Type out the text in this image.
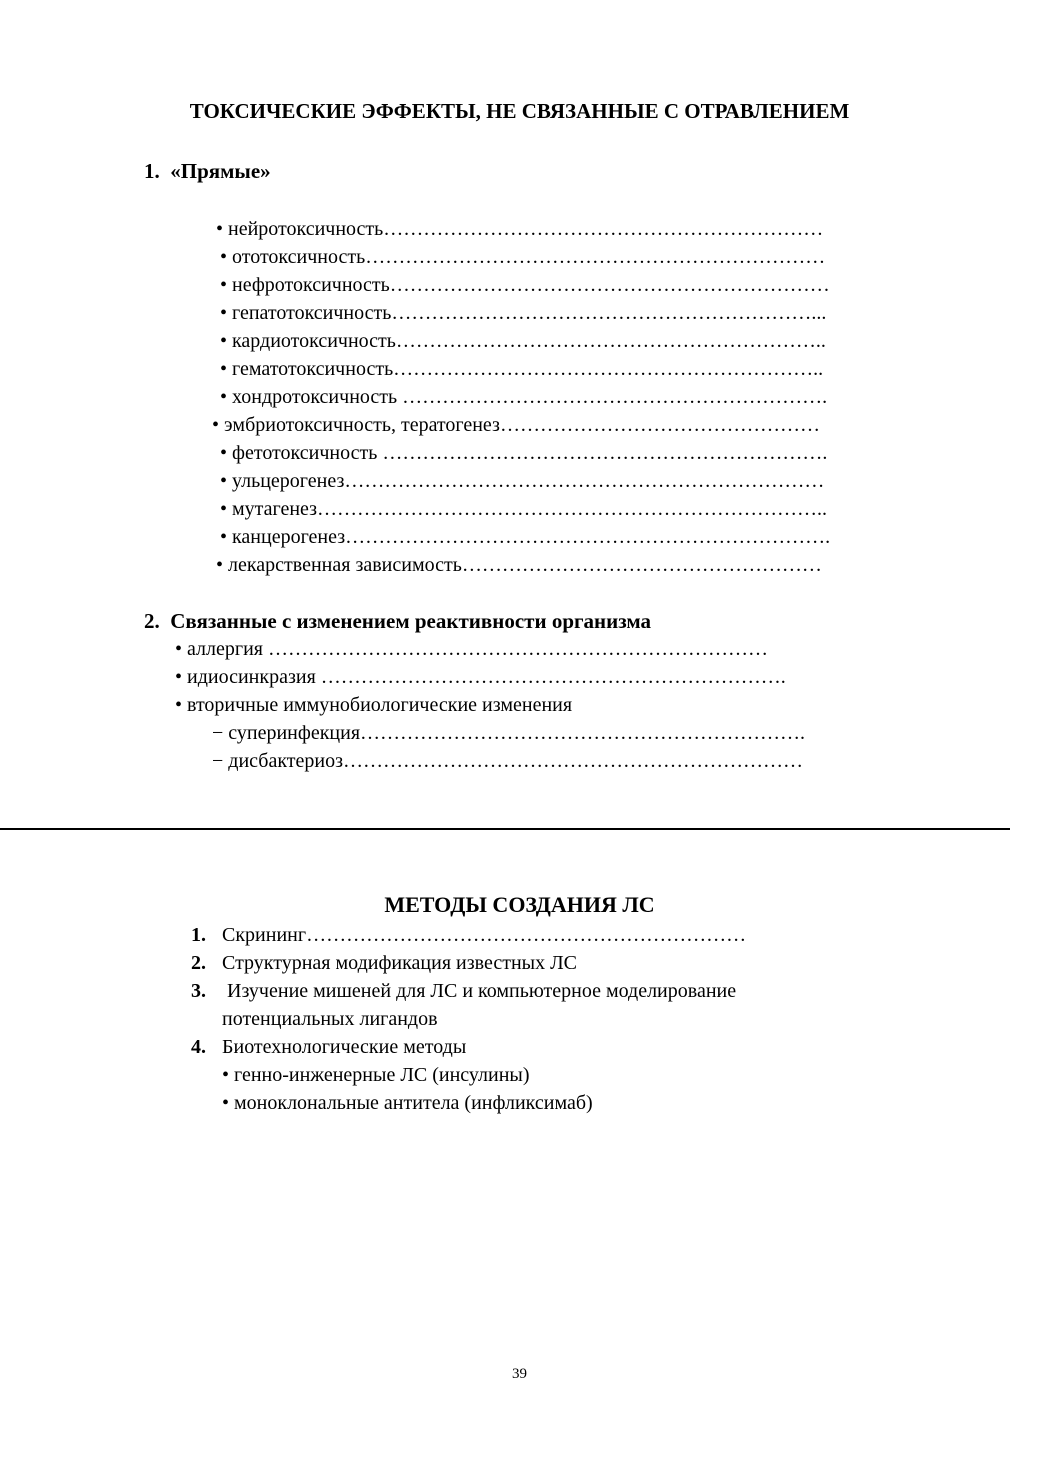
ТОКСИЧЕСКИЕ ЭФФЕКТЫ, НЕ СВЯЗАННЫЕ С ОТРАВЛЕНИЕМ
1. «Прямые»
• нейротоксичность…………………………………………………………
• ототоксичность……………………………………………………………
• нефротоксичность…………………………………………………………
• гепатотоксичность………………………………………………………...
• кардиотоксичность………………………………………………………..
• гематотоксичность………………………………………………………..
• хондротоксичность ……………………………………………………….
• эмбриотоксичность, тератогенез…………………………………………
• фетотоксичность ………………………………………………………….
• ульцерогенез………………………………………………………………
• мутагенез…………………………………………………………………..
• канцерогенез……………………………………………………………….
• лекарственная зависимость………………………………………………
2. Связанные с изменением реактивности организма
• аллергия …………………………………………………………………
• идиосинкразия …………………………………………………………….
• вторичные иммунобиологические изменения
− суперинфекция………………………………………………………….
− дисбактериоз……………………………………………………………
МЕТОДЫ СОЗДАНИЯ ЛС
1. Скрининг…………………………………………………………
2. Структурная модификация известных ЛС
3. Изучение мишеней для ЛС и компьютерное моделирование
потенциальных лигандов
4. Биотехнологические методы
• генно-инженерные ЛС (инсулины)
• моноклональные антитела (инфликсимаб)
39
